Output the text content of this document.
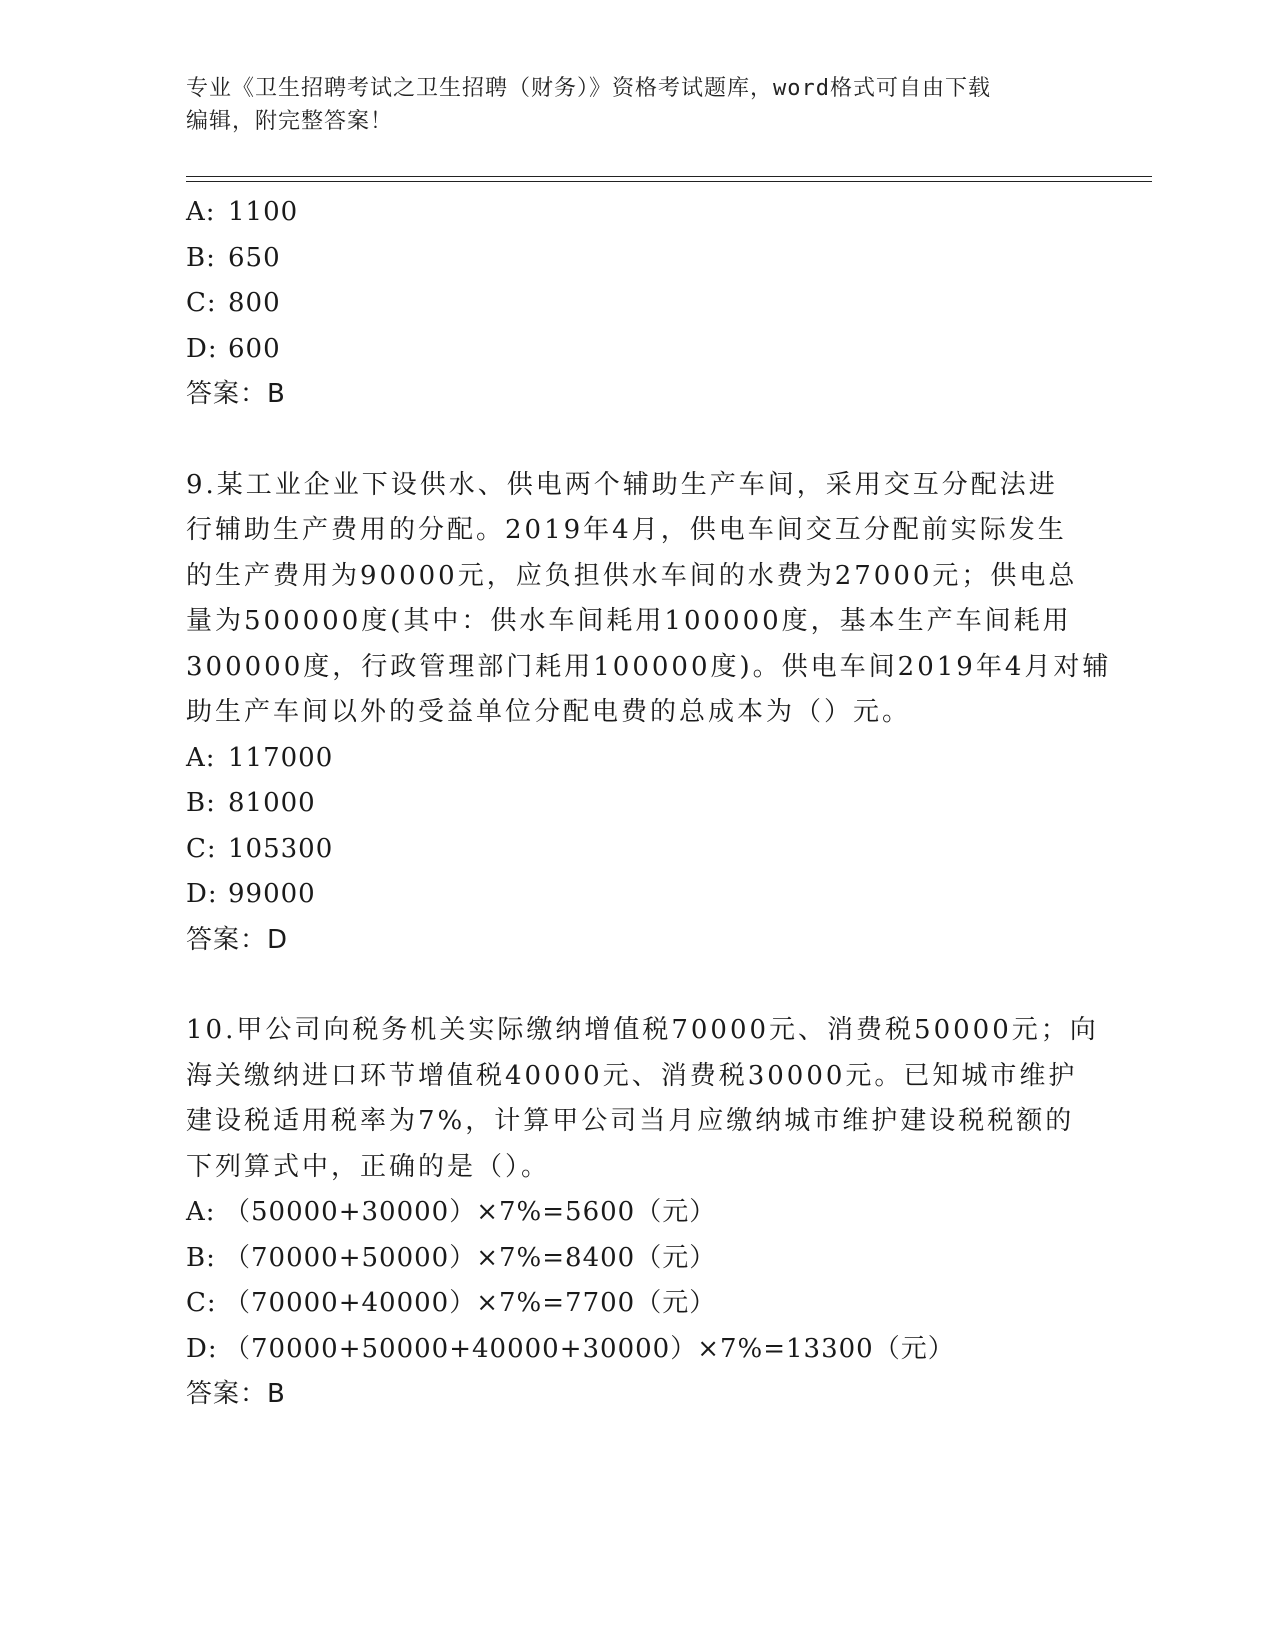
专业《卫生招聘考试之卫生招聘（财务）》资格考试题库，word格式可自由下载
编辑，附完整答案！
A: 1100
B: 650
C: 800
D: 600
答案：B
9.某工业企业下设供水、供电两个辅助生产车间，采用交互分配法进
行辅助生产费用的分配。2019年4月，供电车间交互分配前实际发生
的生产费用为90000元，应负担供水车间的水费为27000元；供电总
量为500000度(其中：供水车间耗用100000度，基本生产车间耗用
300000度，行政管理部门耗用100000度)。供电车间2019年4月对辅
助生产车间以外的受益单位分配电费的总成本为（）元。
A: 117000
B: 81000
C: 105300
D: 99000
答案：D
10.甲公司向税务机关实际缴纳增值税70000元、消费税50000元；向
海关缴纳进口环节增值税40000元、消费税30000元。已知城市维护
建设税适用税率为7%，计算甲公司当月应缴纳城市维护建设税税额的
下列算式中，正确的是（）。
A: （50000+30000）×7%=5600（元）
B: （70000+50000）×7%=8400（元）
C: （70000+40000）×7%=7700（元）
D: （70000+50000+40000+30000）×7%=13300（元）
答案：B
